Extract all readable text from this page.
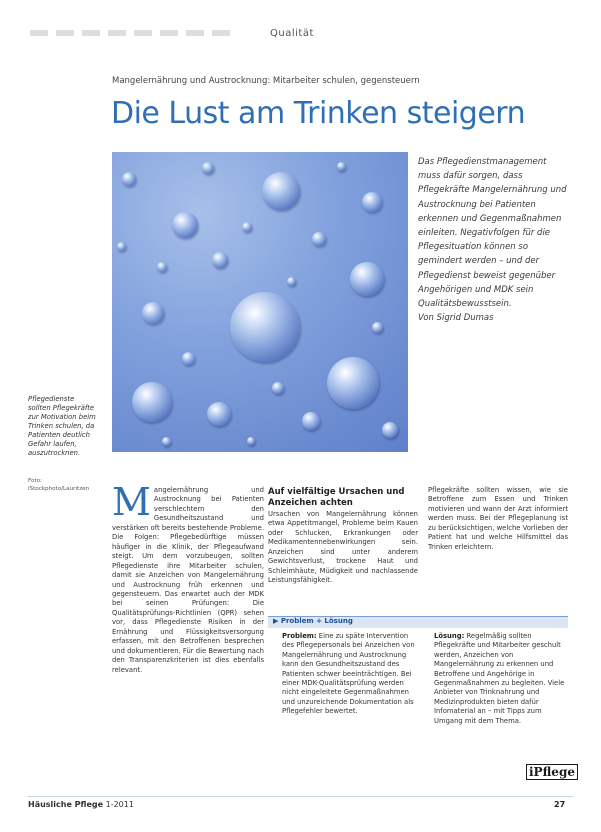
Qualität
Mangelernährung und Austrocknung: Mitarbeiter schulen, gegensteuern
Die Lust am Trinken steigern

Das Pflegedienstmanagement muss dafür sorgen, dass Pflegekräfte Mangelernährung und Austrocknung bei Patienten erkennen und Gegenmaßnahmen einleiten. Negativfolgen für die Pflegesituation können so gemindert werden – und der Pflegedienst beweist gegenüber Angehörigen und MDK sein Qualitätsbewusstsein.

Von Sigrid Dumas

Pflegedienste sollten Pflegekräfte zur Motivation beim Trinken schulen, da Patienten deutlich Gefahr laufen, auszutrocknen.
Foto: iStockphoto/Lauritzen M angelernährung und Austrocknung bei Patienten verschlechtern den Gesundheitszustand und verstärken oft bereits bestehende Probleme. Die Folgen: Pflegebedürftige müssen häufiger in die Klinik, der Pflegeaufwand steigt. Um dem vorzubeugen, sollten Pflegedienste ihre Mitarbeiter schulen, damit sie Anzeichen von Mangelernährung und Austrocknung früh erkennen und gegensteuern. Das erwartet auch der MDK bei seinen Prüfungen: Die Qualitätsprüfungs-Richtlinien (QPR) sehen vor, dass Pflegedienste Risiken in der Ernährung und Flüssigkeitsversorgung erfassen, mit den Betroffenen besprechen und dokumentieren. Für die Bewertung nach den Transparenzkriterien ist dies ebenfalls relevant.

Auf vielfältige Ursachen und Anzeichen achten

Ursachen von Mangelernährung können etwa Appetitmangel, Probleme beim Kauen oder Schlucken, Erkrankungen oder Medikamentennebenwirkungen sein. Anzeichen sind unter anderem Gewichtsverlust, trockene Haut und Schleimhäute, Müdigkeit und nachlassende Leistungsfähigkeit.

Pflegekräfte sollten wissen, wie sie Betroffene zum Essen und Trinken motivieren und wann der Arzt informiert werden muss. Bei der Pflegeplanung ist zu berücksichtigen, welche Vorlieben der Patient hat und welche Hilfsmittel das Trinken erleichtern.

▶ Problem + Lösung

Problem: Eine zu späte Intervention des Pflegepersonals bei Anzeichen von Mangelernährung und Austrocknung kann den Gesundheitszustand des Patienten schwer beeinträchtigen. Bei einer MDK-Qualitätsprüfung werden nicht eingeleitete Gegenmaßnahmen und unzureichende Dokumentation als Pflegefehler bewertet.

Lösung: Regelmäßig sollten Pflegekräfte und Mitarbeiter geschult werden, Anzeichen von Mangelernährung zu erkennen und Betroffene und Angehörige in Gegenmaßnahmen zu begleiten. Viele Anbieter von Trinknahrung und Medizinprodukten bieten dafür Infomaterial an – mit Tipps zum Umgang mit dem Thema.

iPflege
Häusliche Pflege 1-2011	27
